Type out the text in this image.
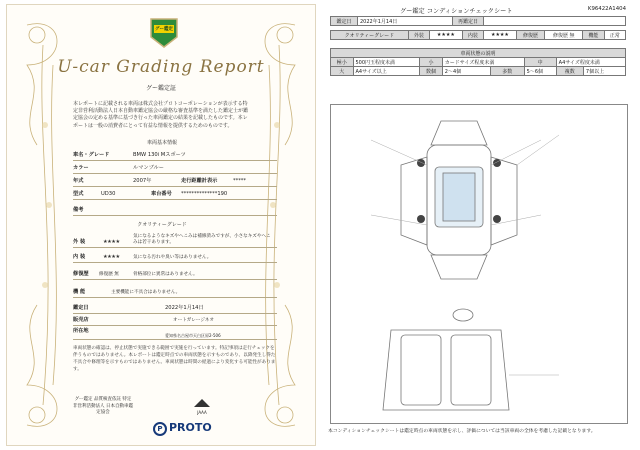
グー鑑定
U-car Grading Report
グー鑑定証
本レポートに記載される車両は株式会社プロトコーポレーションが表示する特定非営利活動法人日本自動車鑑定協会の厳格な審査基準を満たした鑑定士が鑑定協会の定める基準に基づき行った車両鑑定の結果を記載したものです。本レポートは一般の消費者にとって有益な情報を提供するためのものです。
車両基本情報
車名・グレード	BMW 130i Mスポーツ
カラー	ルマンブルー
年式	2007年	走行距離計表示	*****
型式	UD30	車台番号 **************190
備考
クオリティーグレード
外 装	★★★★
気になるようなキズやへこみは補修済みですが、小さなキズやへこみは若干あります。
内 装	★★★★	気になる汚れや臭い等はありません。
修復歴 修復歴 無	骨格部位に異常はありません。
機 能	主要機能に不具合はありません。
鑑定日	2022年1月14日
販売店	オートガレージネオ
所在地
愛知県名古屋市天白区原2-506
車両状態の確認は、停止状態で実施できる範囲で実施を行っています。特記事項は走行チェックを伴うものではありません。本レポートは鑑定時点での車両状態を示すものであり、以降発生し得た不具合や修理等を示すものではありません。車両状態は時間の経過により変化する可能性があります。
グー鑑定 品質検査依託 特定非営利活動法人 日本自動車鑑定協会	JAAA
P PROTO
グー鑑定 コンディションチェックシート	K96422A1404
鑑定日	2022年1月14日	再鑑定日	
クオリティーグレード	外装	★★★★	内装	★★★★	修復歴	修復歴 無	機能	正常
車両状態の説明							
極小	500円玉程度未満	小	カードサイズ程度未満		中	A4サイズ程度未満	
大	A4サイズ以上	数個	2～4個	多数	5～6個	複数	7個以上
本コンディションチェックシートは鑑定時点の車両状態を示し、評価については当該車両の全体を考慮した記載となります。
